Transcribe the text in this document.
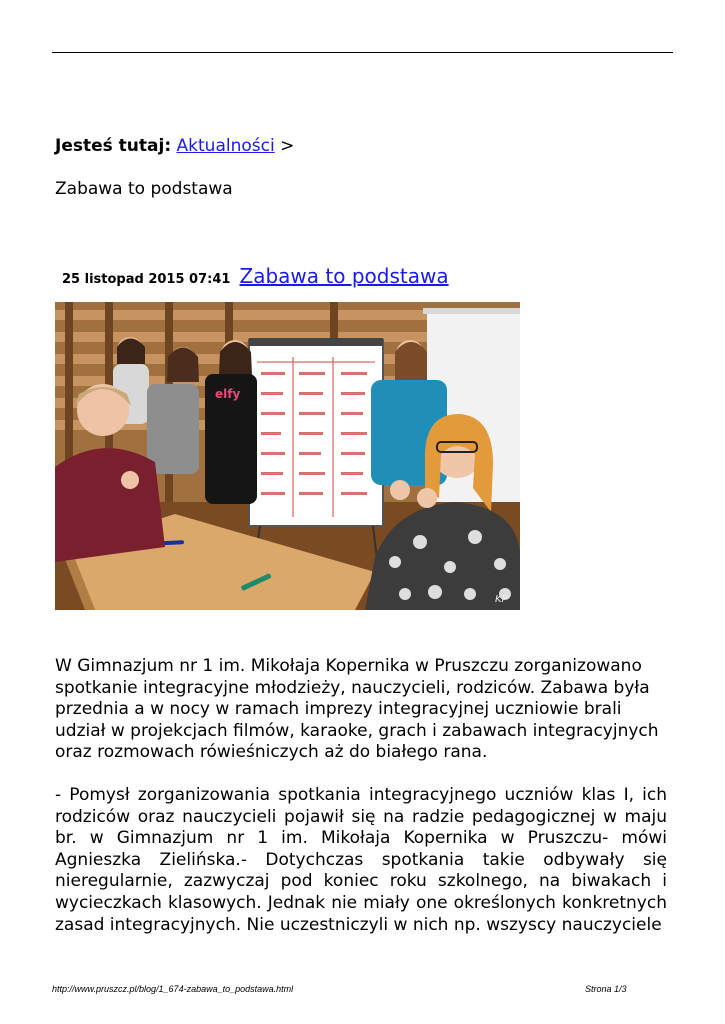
Jesteś tutaj: Aktualności >
Zabawa to podstawa
25 listopad 2015 07:41 Zabawa to podstawa
elfy
KP
W Gimnazjum nr 1 im. Mikołaja Kopernika w Pruszczu zorganizowano spotkanie integracyjne młodzieży, nauczycieli, rodziców. Zabawa była przednia a w nocy w ramach imprezy integracyjnej uczniowie brali udział w projekcjach filmów, karaoke, grach i zabawach integracyjnych oraz rozmowach rówieśniczych aż do białego rana.
- Pomysł zorganizowania spotkania integracyjnego uczniów klas I, ich rodziców oraz nauczycieli pojawił się na radzie pedagogicznej w maju br. w Gimnazjum nr 1 im. Mikołaja Kopernika w Pruszczu- mówi Agnieszka Zielińska.- Dotychczas spotkania takie odbywały się nieregularnie, zazwyczaj pod koniec roku szkolnego, na biwakach i wycieczkach klasowych. Jednak nie miały one określonych konkretnych zasad integracyjnych. Nie uczestniczyli w nich np. wszyscy nauczyciele
http://www.pruszcz.pl/blog/1_674-zabawa_to_podstawa.html	Strona 1/3
